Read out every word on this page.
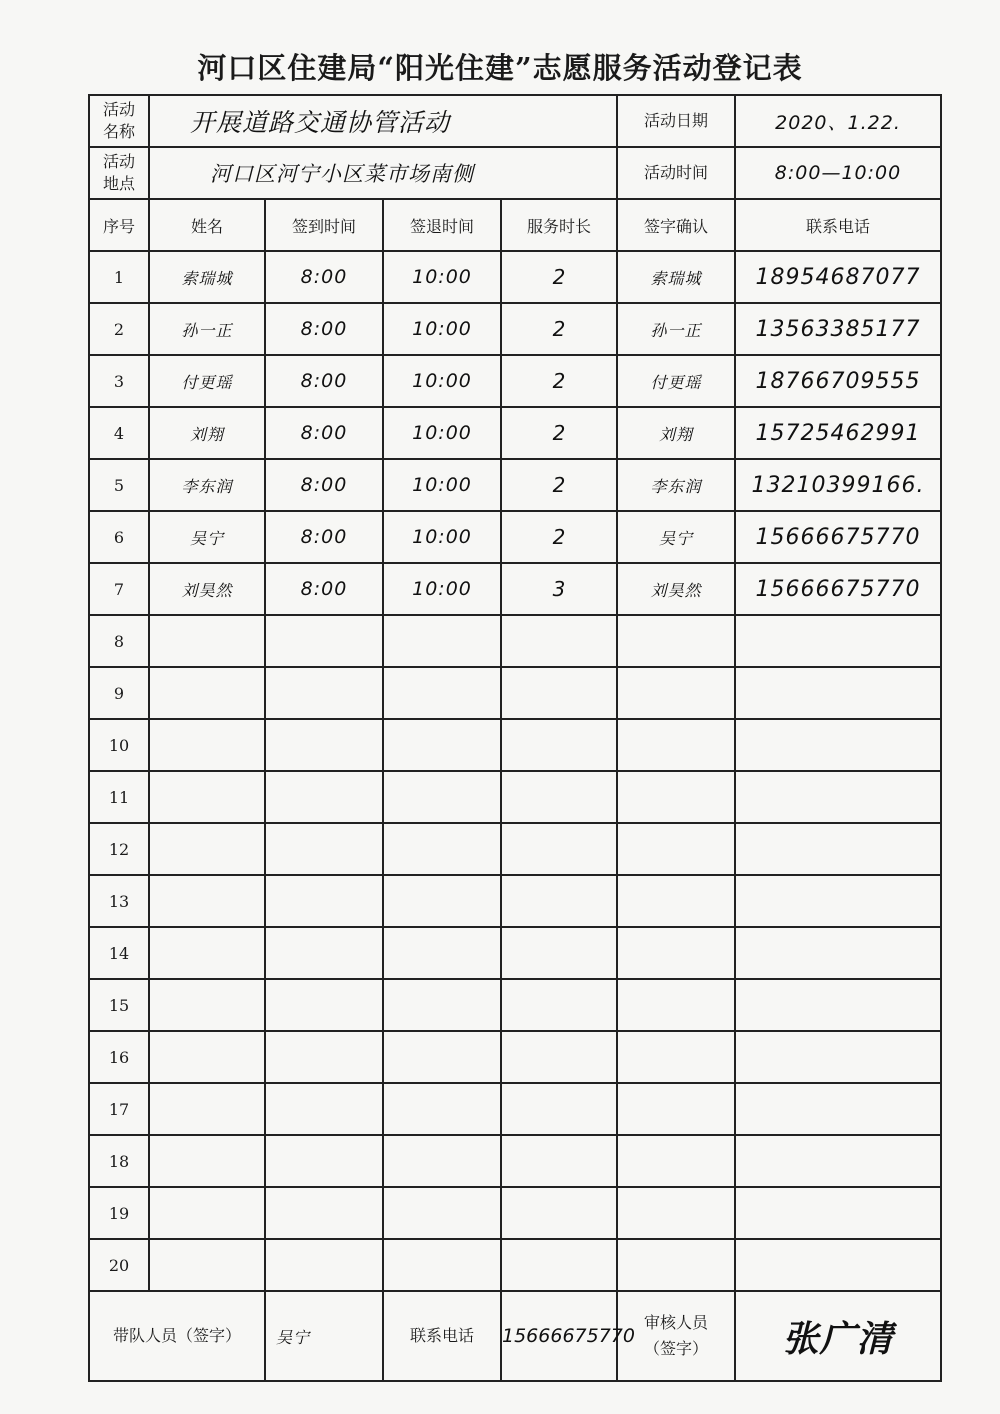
河口区住建局“阳光住建”志愿服务活动登记表
活动
名称	开展道路交通协管活动				活动日期	2020、1.22.
活动
地点	河口区河宁小区菜市场南侧				活动时间	8:00—10:00
序号	姓名	签到时间	签退时间	服务时长	签字确认	联系电话
1	索瑞城	8:00	10:00	2	索瑞城	18954687077
2	孙一正	8:00	10:00	2	孙一正	13563385177
3	付更瑶	8:00	10:00	2	付更瑶	18766709555
4	刘翔	8:00	10:00	2	刘翔	15725462991
5	李东润	8:00	10:00	2	李东润	13210399166.
6	吴宁	8:00	10:00	2	吴宁	15666675770
7	刘昊然	8:00	10:00	3	刘昊然	15666675770
8						
9						
10						
11						
12						
13						
14						
15						
16						
17						
18						
19						
20						
带队人员（签字）		吴宁	联系电话	15666675770	审核人员
（签字）	张广清
